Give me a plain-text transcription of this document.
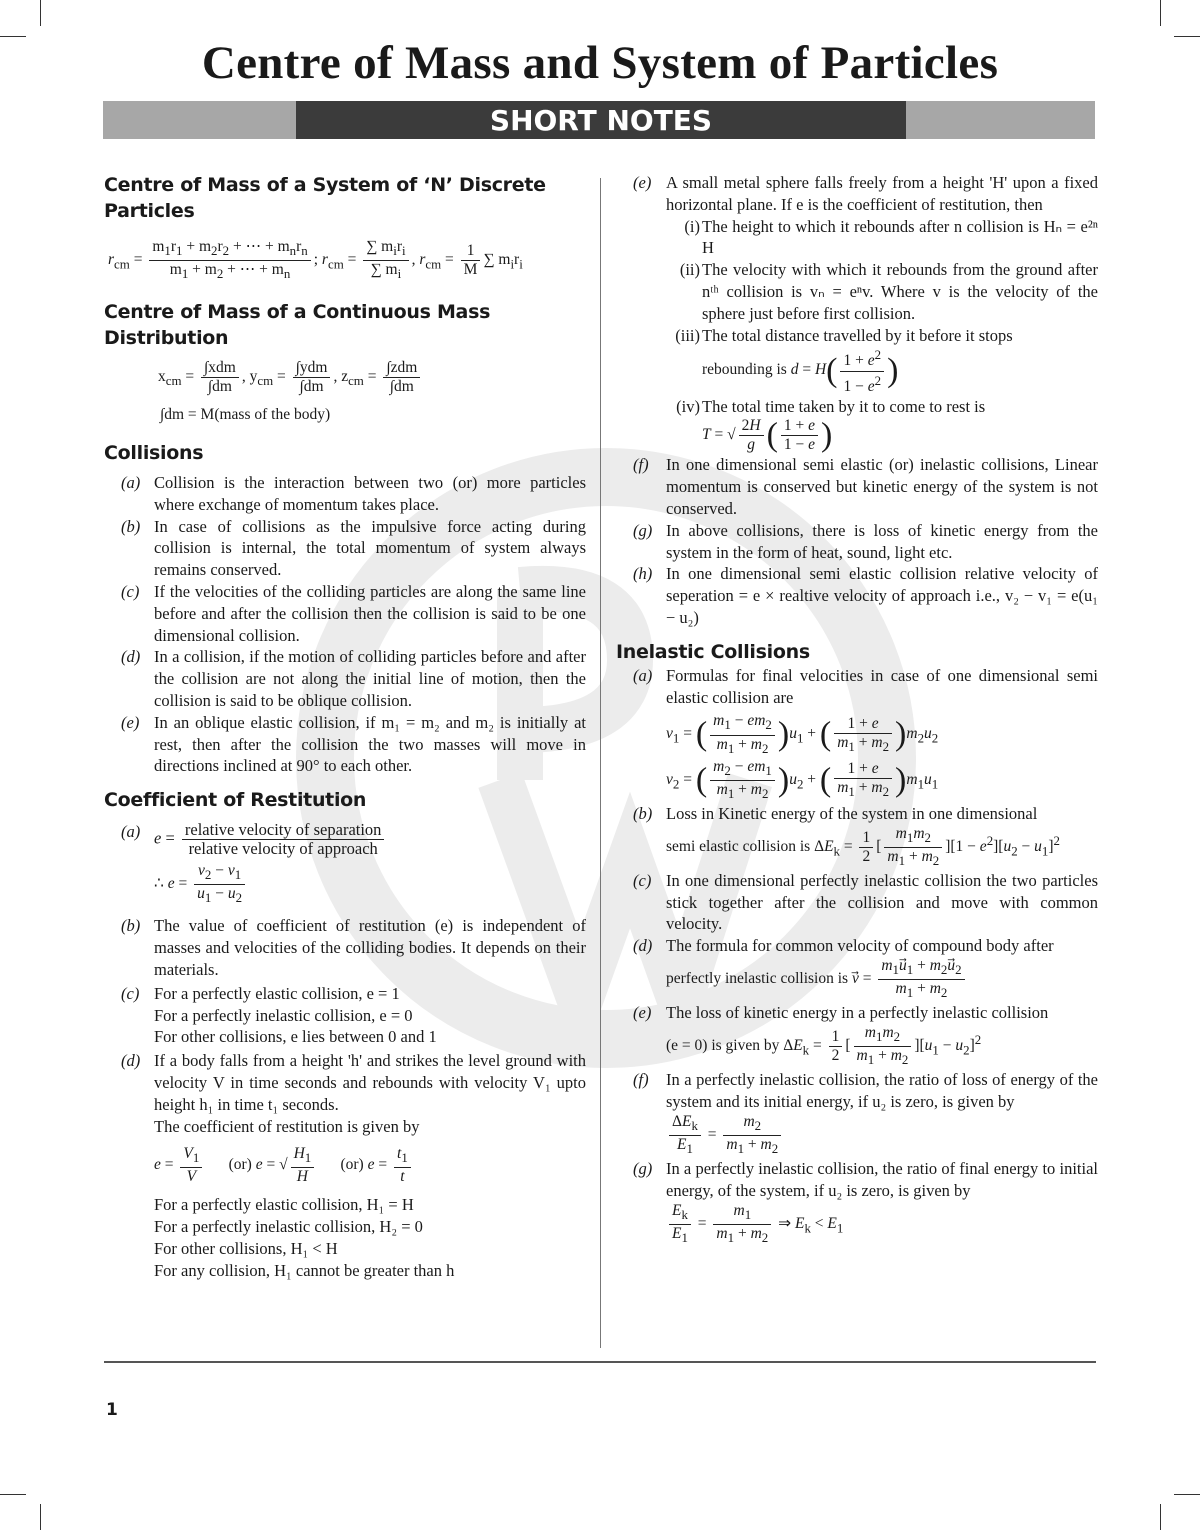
Centre of Mass and System of Particles
SHORT NOTES
Centre of Mass of a System of ‘N’ Discrete Particles
$r_{cm} = \frac{m_1r_1 + m_2r_2 + \cdots + m_nr_n}{m_1 + m_2 + \cdots + m_n}$ ; $r_{cm} = \frac{\sum m_ir_i}{\sum m_i}$ , $r_{cm} = \frac{1}{M}$ ∑ $m_ir_i$
Centre of Mass of a Continuous Mass Distribution
$x_{cm} = \frac{\text{∫xdm}}{\int dm}$ , $y_{cm} = \frac{\text{∫ydm}}{\int dm}$ , $z_{cm} = \frac{\text{∫zdm}}{\int dm}$
∫dm = M(mass of the body)
Collisions
(a) Collision is the interaction between two (or) more particles where exchange of momentum takes place.
(b) In case of collisions as the impulsive force acting during collision is internal, the total momentum of system always remains conserved.
(c) If the velocities of the colliding particles are along the same line before and after the collision then the collision is said to be one dimensional collision.
(d) In a collision, if the motion of colliding particles before and after the collision are not along the initial line of motion, then the collision is said to be oblique collision.
(e) In an oblique elastic collision, if m₁ = m₂ and m₂ is initially at rest, then after the collision the two masses will move in directions inclined at 90° to each other.
Coefficient of Restitution
(a) $e = \frac{\text{relative velocity of separation}}{\text{relative velocity of approach}}$
∴ $e = \frac{v_2 - v_1}{u_1 - u_2}$
(b) The value of coefficient of restitution (e) is independent of masses and velocities of the colliding bodies. It depends on their materials.
(c) For a perfectly elastic collision, e = 1
For a perfectly inelastic collision, e = 0
For other collisions, e lies between 0 and 1
(d) If a body falls from a height 'h' and strikes the level ground with velocity V in time seconds and rebounds with velocity V₁ upto height h₁ in time t₁ seconds.
The coefficient of restitution is given by
$e = \frac{V_1}{V} (or) e$ = √ $\frac{H_1}{H} (or) e = \frac{t_1}{t}$
For a perfectly elastic collision, H₁ = H
For a perfectly inelastic collision, H₂ = 0
For other collisions, H₁ < H
For any collision, H₁ cannot be greater than h
(e) A small metal sphere falls freely from a height 'H' upon a fixed horizontal plane. If e is the coefficient of restitution, then
(i) The height to which it rebounds after n collision is Hₙ = e²ⁿ H
(ii) The velocity with which it rebounds from the ground after nᵗʰ collision is vₙ = eⁿv. Where v is the velocity of the sphere just before first collision.
(iii) The total distance travelled by it before it stops
rebounding is $d = H( \frac{1 + e^2}{1 - e^2}$ )
(iv) The total time taken by it to come to rest is
T = √ $\frac{2H}{g}$ ( $\frac{1 + e}{1 - e}$ )
(f) In one dimensional semi elastic (or) inelastic collisions, Linear momentum is conserved but kinetic energy of the system is not conserved.
(g) In above collisions, there is loss of kinetic energy from the system in the form of heat, sound, light etc.
(h) In one dimensional semi elastic collision relative velocity of seperation = e × realtive velocity of approach i.e., v₂ − v₁ = e(u₁ − u₂)
Inelastic Collisions
(a) Formulas for final velocities in case of one dimensional semi elastic collision are
$v_1$ = ( $\frac{m_1 - em_2}{m_1 + m_2} )u_1$ + ( $\frac{1 + e}{m_1 + m_2} )m_2u_2$
$v_2$ = ( $\frac{m_2 - em_1}{m_1 + m_2} )u_2$ + ( $\frac{1 + e}{m_1 + m_2} )m_1u_1$
(b) Loss in Kinetic energy of the system in one dimensional
semi elastic collision is $\Delta E_k = \frac{1}{2}$ [ $\frac{m_1m_2}{m_1 + m_2} ][1 - e^2][u_2 - u_1]^2$
(c) In one dimensional perfectly inelastic collision the two particles stick together after the collision and move with common velocity.
(d) The formula for common velocity of compound body after
perfectly inelastic collision is v⃗ = $\frac{m_1u_1 + m_2u_2}{m_1 + m_2}$
(e) The loss of kinetic energy in a perfectly inelastic collision
(e = 0) is given by $\Delta E_k = \frac{1}{2}$ [ $\frac{m_1m_2}{m_1 + m_2} ][u_1 - u_2]^2$
(f) In a perfectly inelastic collision, the ratio of loss of energy of the system and its initial energy, if u₂ is zero, is given by
$\frac{\Delta E_k}{E_1} = \frac{m_2}{m_1 + m_2}$
(g) In a perfectly inelastic collision, the ratio of final energy to initial energy, of the system, if u₂ is zero, is given by
$\frac{E_k}{E_1} = \frac{m_1}{m_1 + m_2}$ ⇒ $E_k < E_1$
1
